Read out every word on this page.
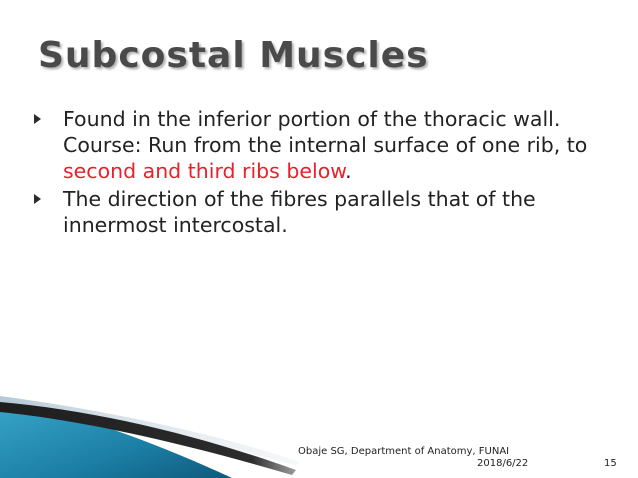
Subcostal Muscles
Found in the inferior portion of the thoracic wall. Course: Run from the internal surface of one rib, to second and third ribs below.
The direction of the fibres parallels that of the innermost intercostal.
Obaje SG, Department of Anatomy, FUNAI
2018/6/22	15
